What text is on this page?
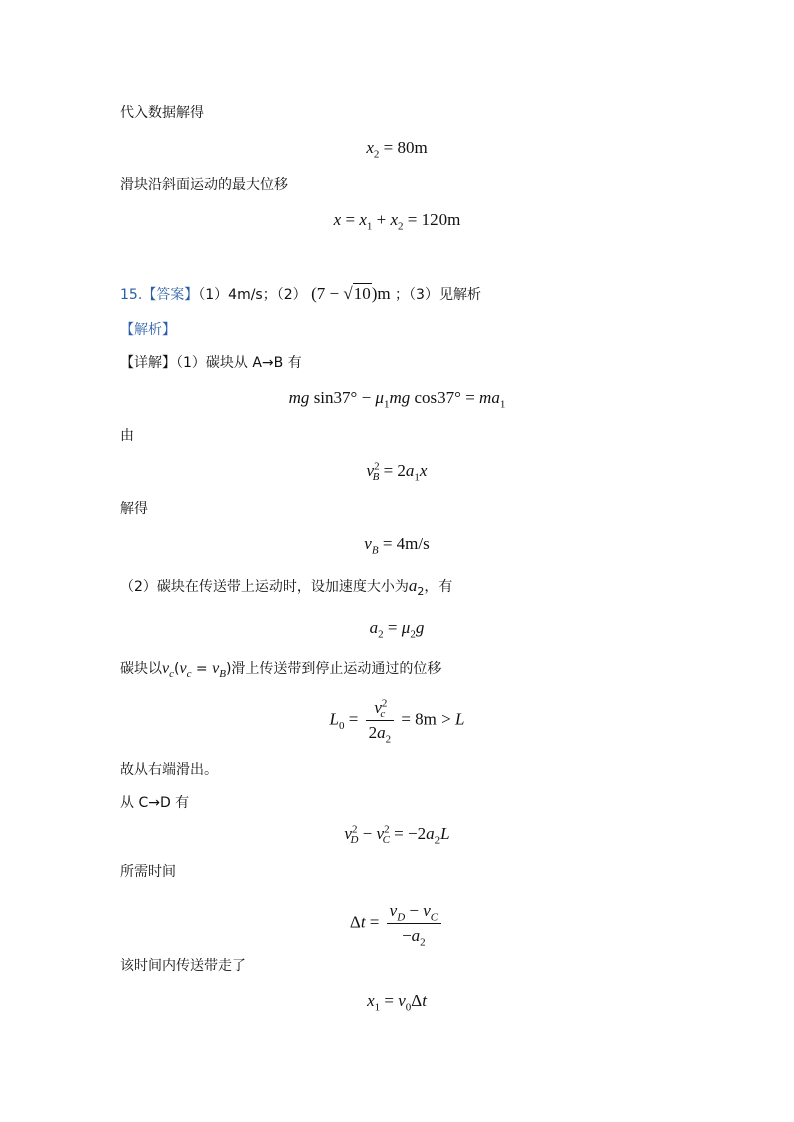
代入数据解得
$x_2 = 80m$
滑块沿斜面运动的最大位移
$x = x_1 + x_2 = 120m$
15.【答案】（1）4m/s；（2） (7 − √10)m ；（3）见解析
【解析】
【详解】（1）碳块从 A→B 有
mg $\sin 37^\circ - \mu_1mg$ $\cos 37^\circ = ma_1$
由
$v^2_B = 2a_1x$
解得
$v_B = 4m/s$
（2）碳块在传送带上运动时，设加速度大小为$a_2$，有
$a_2 = \mu_2g$
碳块以$v_c(v_c = v_B)$滑上传送带到停止运动通过的位移
$L_0 = \frac{v^2_c}{2a_2} = 8m > L$
故从右端滑出。
从 C→D 有
$v^2_D - v^2_C = -2a_2L$
所需时间
$\Delta t = \frac{v_D - v_C}{-a_2}$
该时间内传送带走了
$x_1 = v_0\Delta t$
